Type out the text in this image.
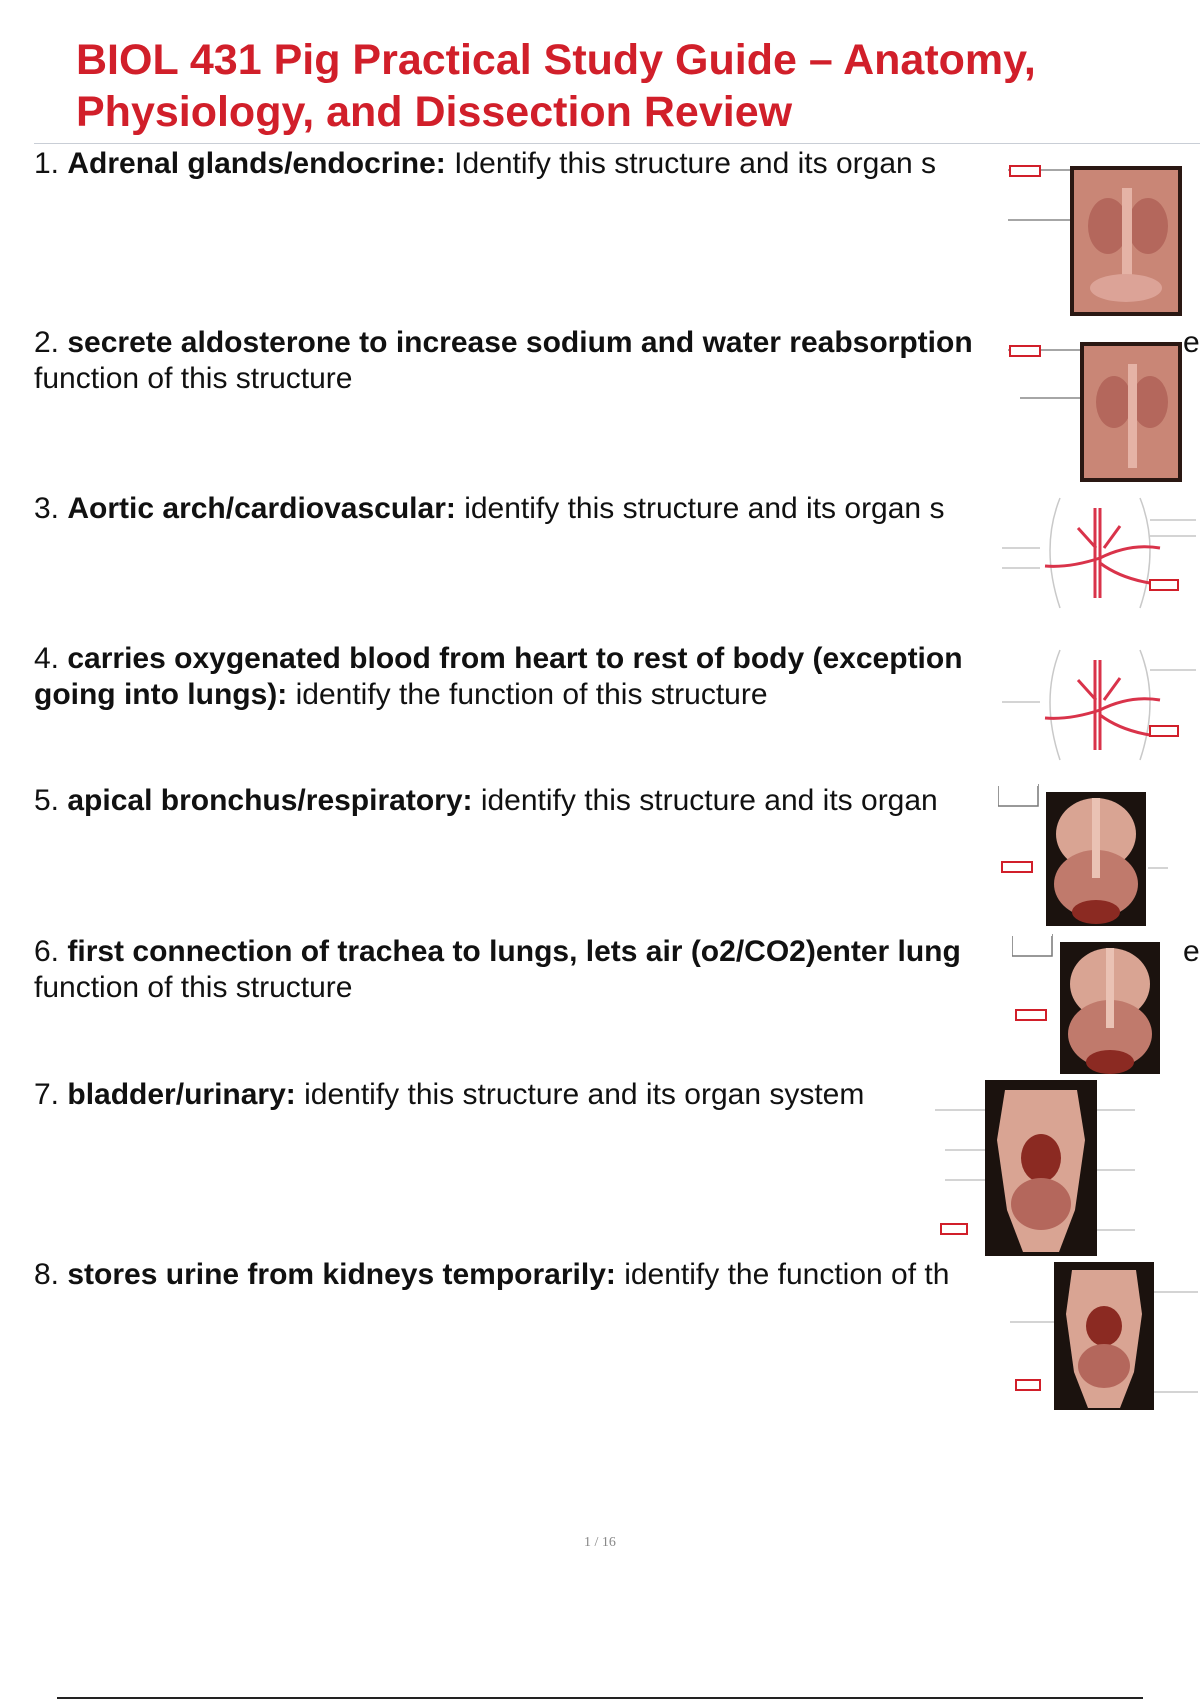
BIOL 431 Pig Practical Study Guide – Anatomy,
Physiology, and Dissection Review
1. Adrenal glands/endocrine: Identify this structure and its organ s
2. secrete aldosterone to increase sodium and water reabsorption
function of this structure
e
3. Aortic arch/cardiovascular: identify this structure and its organ s
4. carries oxygenated blood from heart to rest of body (exception
going into lungs): identify the function of this structure
5. apical bronchus/respiratory: identify this structure and its organ
6. first connection of trachea to lungs, lets air (o2/CO2)enter lung
function of this structure
e
7. bladder/urinary: identify this structure and its organ system
8. stores urine from kidneys temporarily: identify the function of th
1 / 16
